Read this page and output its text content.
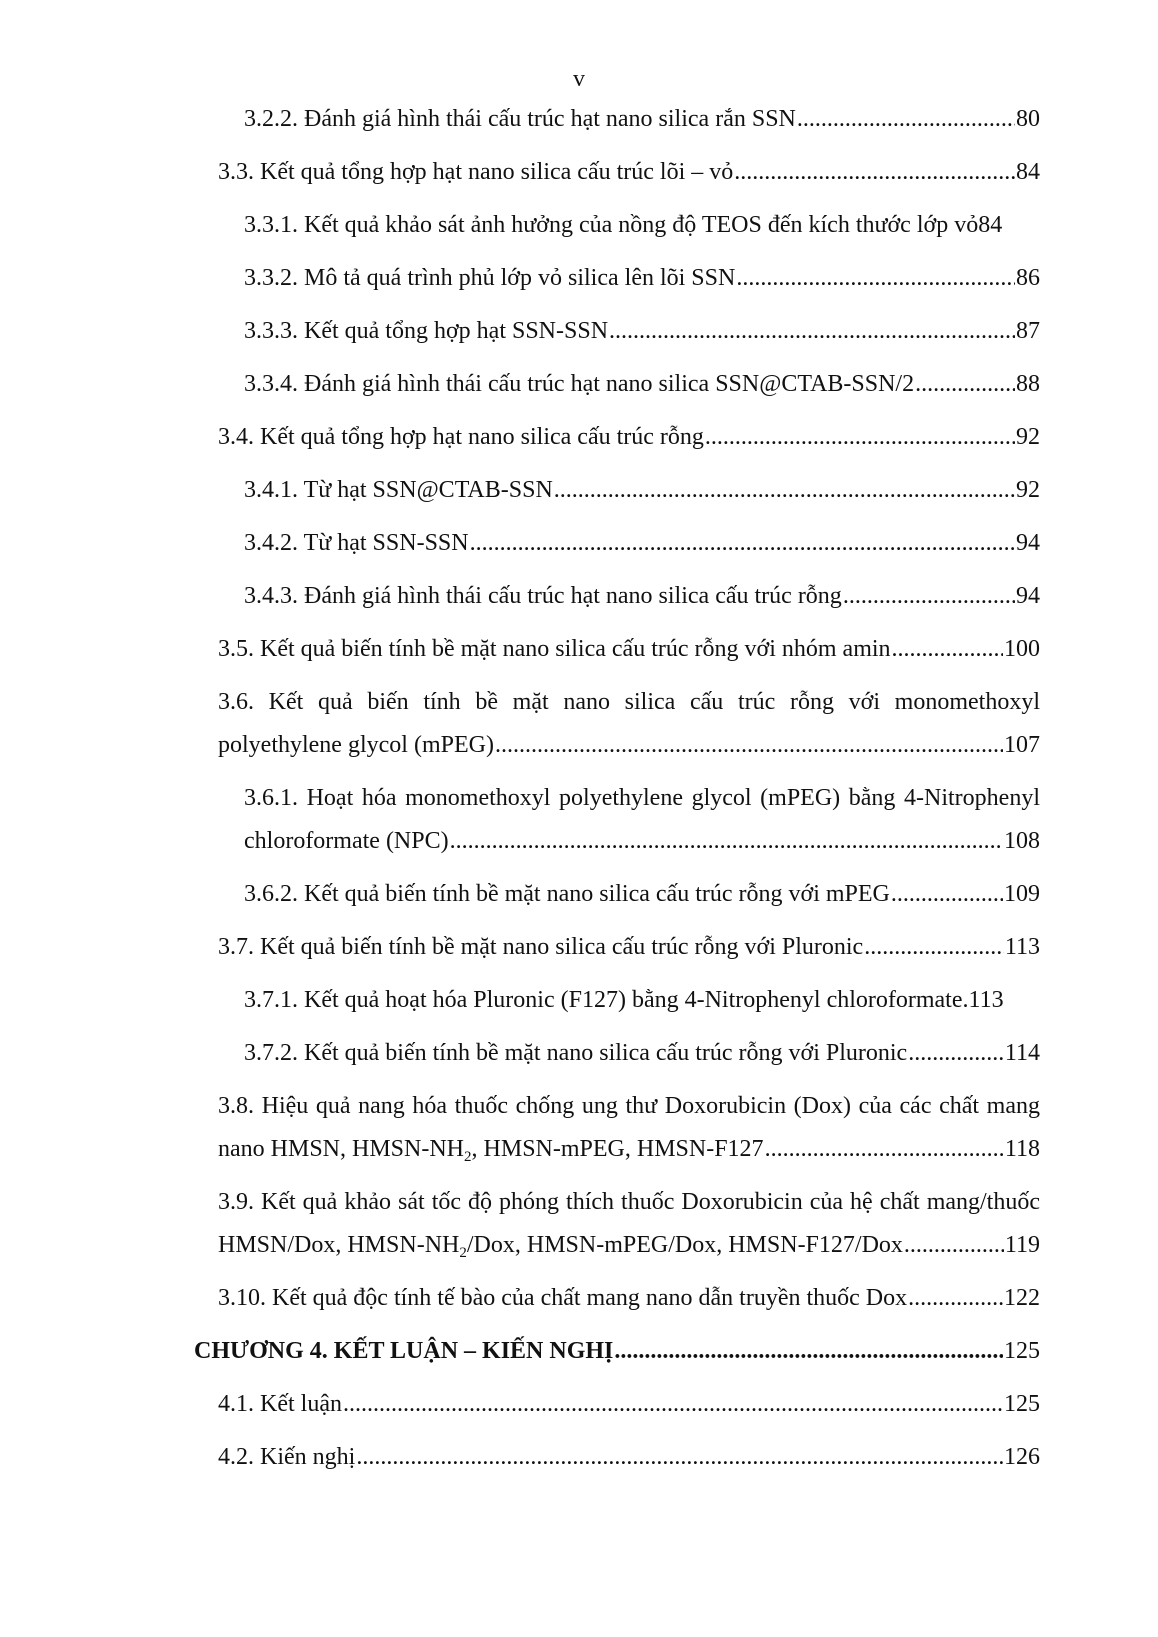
v
3.2.2. Đánh giá hình thái cấu trúc hạt nano silica rắn SSN .....	80
3.3. Kết quả tổng hợp hạt nano silica cấu trúc lõi – vỏ .....	84
3.3.1. Kết quả khảo sát ảnh hưởng của nồng độ TEOS đến kích thước lớp vỏ 84
3.3.2. Mô tả quá trình phủ lớp vỏ silica lên lõi SSN .....	86
3.3.3. Kết quả tổng hợp hạt SSN-SSN .....	87
3.3.4. Đánh giá hình thái cấu trúc hạt nano silica SSN@CTAB-SSN/2 .....	88
3.4. Kết quả tổng hợp hạt nano silica cấu trúc rỗng .....	92
3.4.1. Từ hạt SSN@CTAB-SSN .....	92
3.4.2. Từ hạt SSN-SSN .....	94
3.4.3. Đánh giá hình thái cấu trúc hạt nano silica cấu trúc rỗng .....	94
3.5. Kết quả biến tính bề mặt nano silica cấu trúc rỗng với nhóm amin .....	100
3.6. Kết quả biến tính bề mặt nano silica cấu trúc rỗng với monomethoxyl
polyethylene glycol (mPEG) .....	107
3.6.1. Hoạt hóa monomethoxyl polyethylene glycol (mPEG) bằng 4-Nitrophenyl
chloroformate (NPC) .....	108
3.6.2. Kết quả biến tính bề mặt nano silica cấu trúc rỗng với mPEG .....	109
3.7. Kết quả biến tính bề mặt nano silica cấu trúc rỗng với Pluronic .....	113
3.7.1. Kết quả hoạt hóa Pluronic (F127) bằng 4-Nitrophenyl chloroformate . 113
3.7.2. Kết quả biến tính bề mặt nano silica cấu trúc rỗng với Pluronic .....	114
3.8. Hiệu quả nang hóa thuốc chống ung thư Doxorubicin (Dox) của các chất mang
nano HMSN, HMSN-$NH_2$, HMSN-mPEG, HMSN-F127 .....	118
3.9. Kết quả khảo sát tốc độ phóng thích thuốc Doxorubicin của hệ chất mang/thuốc
HMSN/Dox, HMSN-$NH_2$/Dox, HMSN-mPEG/Dox, HMSN-F127/Dox .....	119
3.10. Kết quả độc tính tế bào của chất mang nano dẫn truyền thuốc Dox .....	122
CHƯƠNG 4. KẾT LUẬN – KIẾN NGHỊ .....	125
4.1. Kết luận .....	125
4.2. Kiến nghị .....	126
